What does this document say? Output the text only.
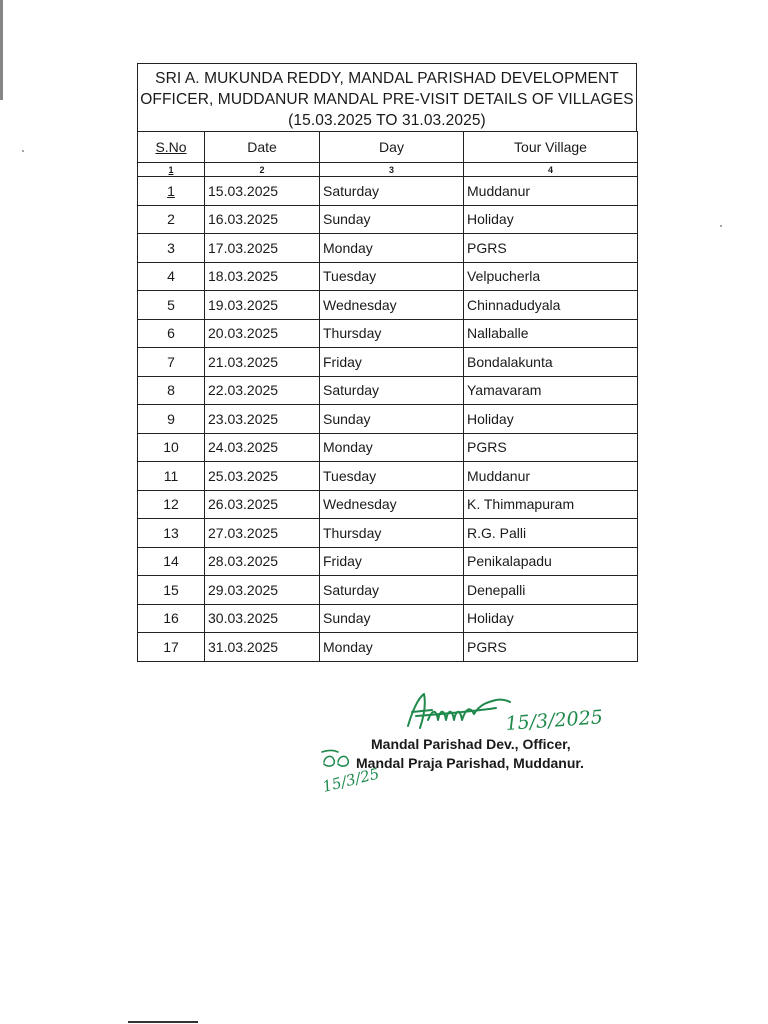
SRI A. MUKUNDA REDDY, MANDAL PARISHAD DEVELOPMENT
OFFICER, MUDDANUR MANDAL PRE-VISIT DETAILS OF VILLAGES
(15.03.2025 TO 31.03.2025)
S.No	Date	Day	Tour Village
1	2	3	4
1	15.03.2025	Saturday	Muddanur
2	16.03.2025	Sunday	Holiday
3	17.03.2025	Monday	PGRS
4	18.03.2025	Tuesday	Velpucherla
5	19.03.2025	Wednesday	Chinnadudyala
6	20.03.2025	Thursday	Nallaballe
7	21.03.2025	Friday	Bondalakunta
8	22.03.2025	Saturday	Yamavaram
9	23.03.2025	Sunday	Holiday
10	24.03.2025	Monday	PGRS
11	25.03.2025	Tuesday	Muddanur
12	26.03.2025	Wednesday	K. Thimmapuram
13	27.03.2025	Thursday	R.G. Palli
14	28.03.2025	Friday	Penikalapadu
15	29.03.2025	Saturday	Denepalli
16	30.03.2025	Sunday	Holiday
17	31.03.2025	Monday	PGRS
15/3/2025
15/3/25
Mandal Parishad Dev., Officer,
Mandal Praja Parishad, Muddanur.
